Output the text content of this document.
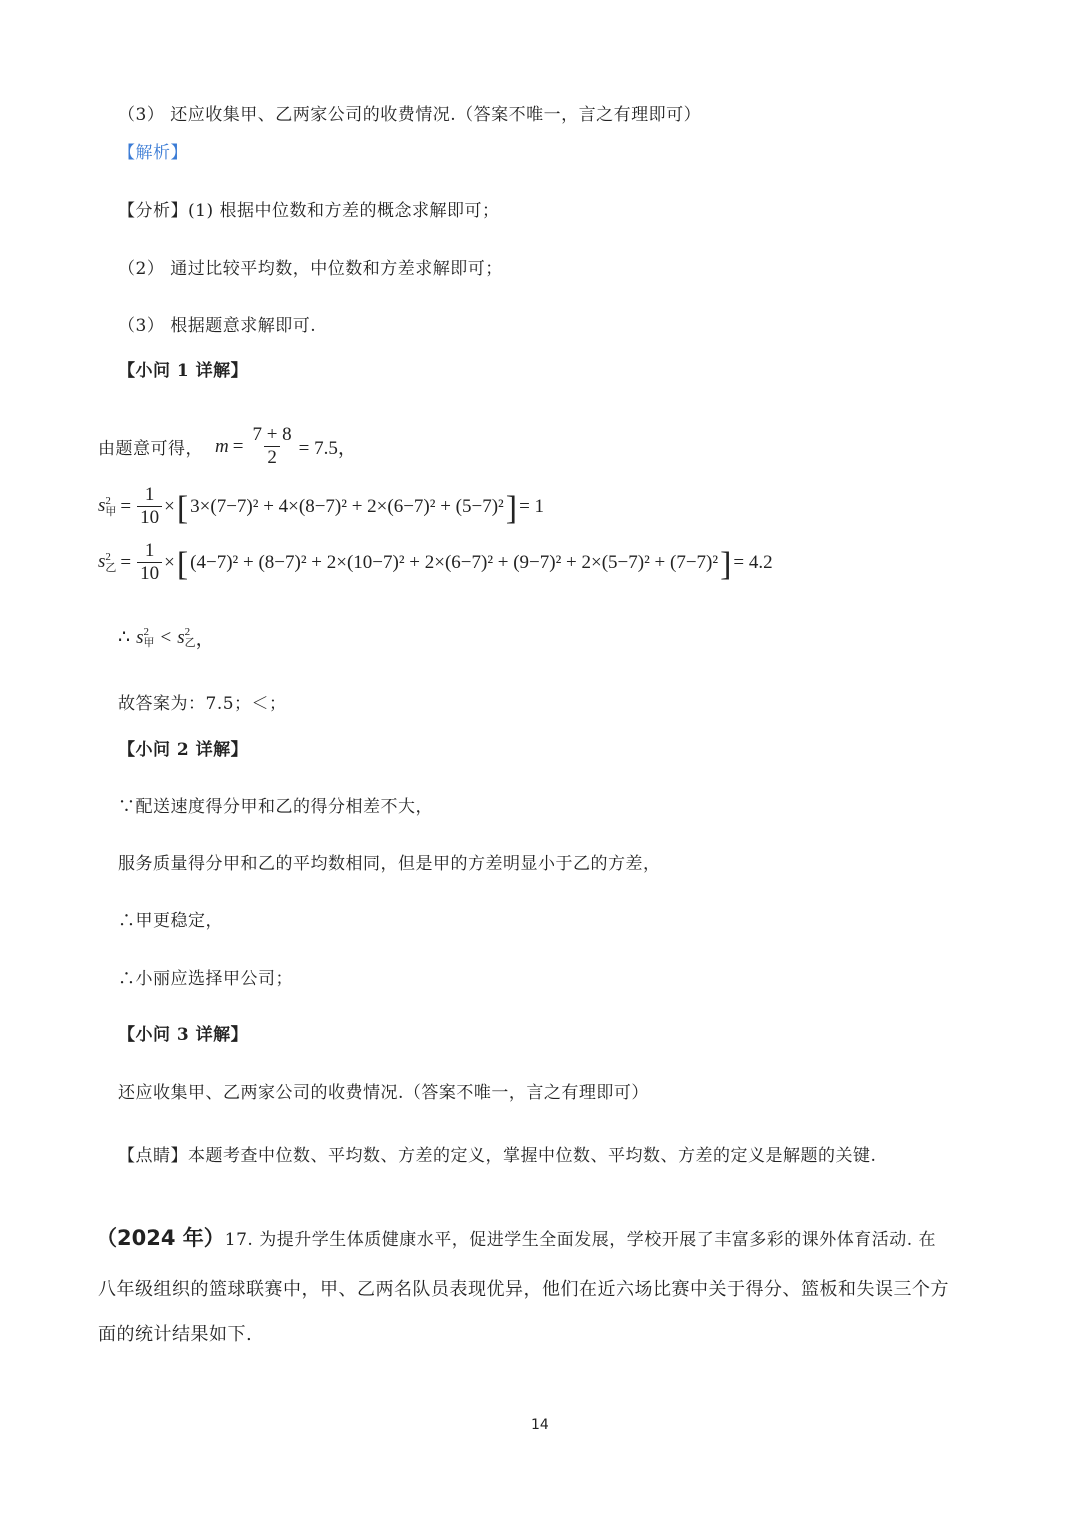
（3） 还应收集甲、乙两家公司的收费情况.（答案不唯一，言之有理即可）
【解析】
【分析】(1) 根据中位数和方差的概念求解即可；
（2） 通过比较平均数，中位数和方差求解即可；
（3） 根据题意求解即可.
【小问 1 详解】
由题意可得， $m = \frac{7 + 8}{2} = 7.5$，
s 2
甲 = $\frac{1}{10}$ × [ 3×(7−7)² + 4×(8−7)² + 2×(6−7)² + (5−7)² ] = 1
s 2
乙 = $\frac{1}{10}$ × [ (4−7)² + (8−7)² + 2×(10−7)² + 2×(6−7)² + (9−7)² + 2×(5−7)² + (7−7)² ] = 4.2
∴ s 2
甲 < s 2
乙 ，
故答案为：7.5；＜；
【小问 2 详解】
∵配送速度得分甲和乙的得分相差不大，
服务质量得分甲和乙的平均数相同，但是甲的方差明显小于乙的方差，
∴甲更稳定，
∴小丽应选择甲公司；
【小问 3 详解】
还应收集甲、乙两家公司的收费情况.（答案不唯一，言之有理即可）
【点睛】本题考查中位数、平均数、方差的定义，掌握中位数、平均数、方差的定义是解题的关键.
（2024 年） 17. 为提升学生体质健康水平，促进学生全面发展，学校开展了丰富多彩的课外体育活动. 在
八年级组织的篮球联赛中，甲、乙两名队员表现优异，他们在近六场比赛中关于得分、篮板和失误三个方
面的统计结果如下.
14
